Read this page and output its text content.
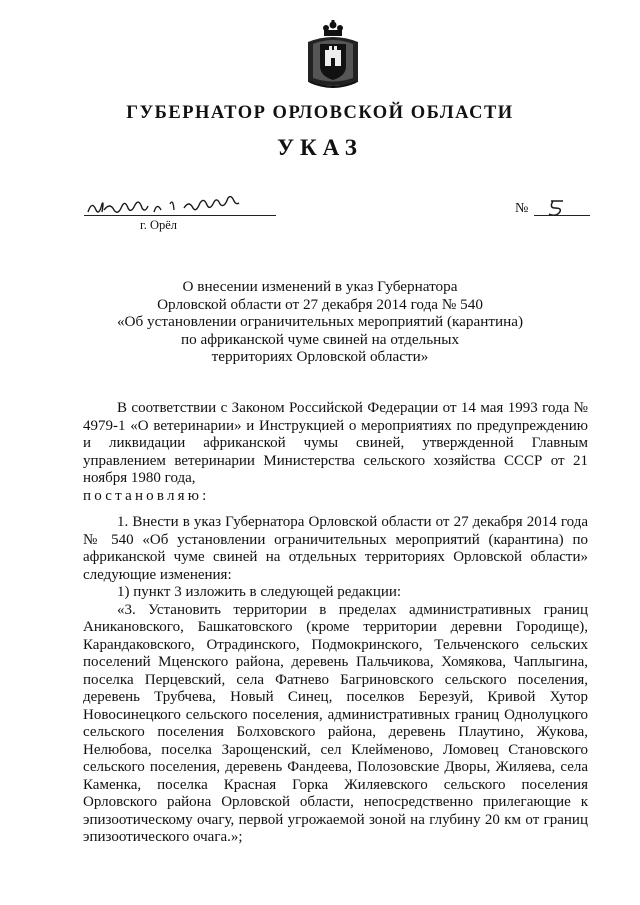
ГУБЕРНАТОР ОРЛОВСКОЙ ОБЛАСТИ
УКАЗ
г. Орёл
№
О внесении изменений в указ Губернатора
Орловской области от 27 декабря 2014 года № 540
«Об установлении ограничительных мероприятий (карантина)
по африканской чуме свиней на отдельных
территориях Орловской области»
В соответствии с Законом Российской Федерации от 14 мая 1993 года № 4979-1 «О ветеринарии» и Инструкцией о мероприятиях по предупреждению и ликвидации африканской чумы свиней, утвержденной Главным управлением ветеринарии Министерства сельского хозяйства СССР от 21 ноября 1980 года,
постановляю:
1. Внести в указ Губернатора Орловской области от 27 декабря 2014 года № 540 «Об установлении ограничительных мероприятий (карантина) по африканской чуме свиней на отдельных территориях Орловской области» следующие изменения:
1) пункт 3 изложить в следующей редакции:
«3. Установить территории в пределах административных границ Аникановского, Башкатовского (кроме территории деревни Городище), Карандаковского, Отрадинского, Подмокринского, Тельченского сельских поселений Мценского района, деревень Пальчикова, Хомякова, Чаплыгина, поселка Перцевский, села Фатнево Багриновского сельского поселения, деревень Трубчева, Новый Синец, поселков Березуй, Кривой Хутор Новосинецкого сельского поселения, административных границ Однолуцкого сельского поселения Болховского района, деревень Плаутино, Жукова, Нелюбова, поселка Зарощенский, сел Клейменово, Ломовец Становского сельского поселения, деревень Фандеева, Полозовские Дворы, Жиляева, села Каменка, поселка Красная Горка Жиляевского сельского поселения Орловского района Орловской области, непосредственно прилегающие к эпизоотическому очагу, первой угрожаемой зоной на глубину 20 км от границ эпизоотического очага.»;
